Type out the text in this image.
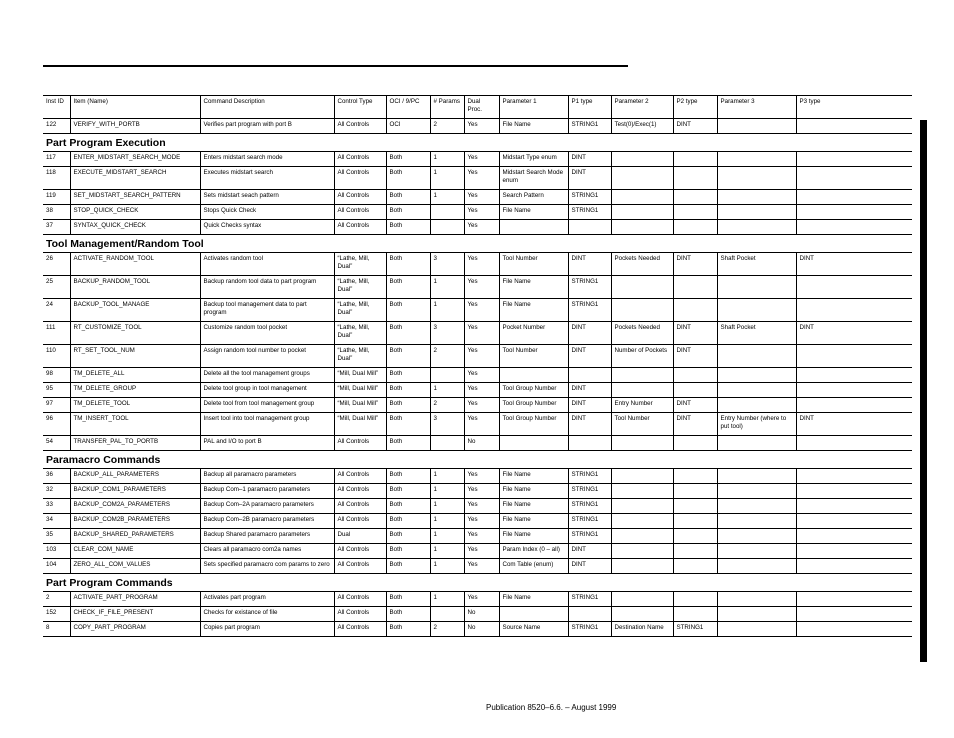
Inst ID	Item (Name)	Command Description	Control Type	OCI / 9/PC	# Params	Dual Proc.	Parameter 1	P1 type	Parameter 2	P2 type	Parameter 3	P3 type
122	VERIFY_WITH_PORTB	Verifies part program with port B	All Controls	OCI	2	Yes	File Name	STRING1	Test(0)/Exec(1)	DINT		
Part Program Execution												
117	ENTER_MIDSTART_SEARCH_MODE	Enters midstart search mode	All Controls	Both	1	Yes	Midstart Type enum	DINT				
118	EXECUTE_MIDSTART_SEARCH	Executes midstart search	All Controls	Both	1	Yes	Midstart Search Mode enum	DINT				
119	SET_MIDSTART_SEARCH_PATTERN	Sets midstart seach pattern	All Controls	Both	1	Yes	Search Pattern	STRING1				
38	STOP_QUICK_CHECK	Stops Quick Check	All Controls	Both		Yes	File Name	STRING1				
37	SYNTAX_QUICK_CHECK	Quick Checks syntax	All Controls	Both		Yes						
Tool Management/Random Tool												
26	ACTIVATE_RANDOM_TOOL	Activates random tool	“Lathe, Mill, Dual”	Both	3	Yes	Tool Number	DINT	Pockets Needed	DINT	Shaft Pocket	DINT
25	BACKUP_RANDOM_TOOL	Backup random tool data to part program	“Lathe, Mill, Dual”	Both	1	Yes	File Name	STRING1				
24	BACKUP_TOOL_MANAGE	Backup tool management data to part program	“Lathe, Mill, Dual”	Both	1	Yes	File Name	STRING1				
111	RT_CUSTOMIZE_TOOL	Customize random tool pocket	“Lathe, Mill, Dual”	Both	3	Yes	Pocket Number	DINT	Pockets Needed	DINT	Shaft Pocket	DINT
110	RT_SET_TOOL_NUM	Assign random tool number to pocket	“Lathe, Mill, Dual”	Both	2	Yes	Tool Number	DINT	Number of Pockets	DINT		
98	TM_DELETE_ALL	Delete all the tool management groups	“Mill, Dual Mill”	Both		Yes						
95	TM_DELETE_GROUP	Delete tool group in tool management	“Mill, Dual Mill”	Both	1	Yes	Tool Group Number	DINT				
97	TM_DELETE_TOOL	Delete tool from tool management group	“Mill, Dual Mill”	Both	2	Yes	Tool Group Number	DINT	Entry Number	DINT		
96	TM_INSERT_TOOL	Insert tool into tool management group	“Mill, Dual Mill”	Both	3	Yes	Tool Group Number	DINT	Tool Number	DINT	Entry Number (where to put tool)	DINT
54	TRANSFER_PAL_TO_PORTB	PAL and I/O to port B	All Controls	Both		No						
Paramacro Commands												
36	BACKUP_ALL_PARAMETERS	Backup all paramacro parameters	All Controls	Both	1	Yes	File Name	STRING1				
32	BACKUP_COM1_PARAMETERS	Backup Com–1 paramacro parameters	All Controls	Both	1	Yes	File Name	STRING1				
33	BACKUP_COM2A_PARAMETERS	Backup Com–2A paramacro parameters	All Controls	Both	1	Yes	File Name	STRING1				
34	BACKUP_COM2B_PARAMETERS	Backup Com–2B paramacro parameters	All Controls	Both	1	Yes	File Name	STRING1				
35	BACKUP_SHARED_PARAMETERS	Backup Shared paramacro parameters	Dual	Both	1	Yes	File Name	STRING1				
103	CLEAR_COM_NAME	Clears all paramacro com2a names	All Controls	Both	1	Yes	Param Index (0 – all)	DINT				
104	ZERO_ALL_COM_VALUES	Sets specified paramacro com params to zero	All Controls	Both	1	Yes	Com Table (enum)	DINT				
Part Program Commands												
2	ACTIVATE_PART_PROGRAM	Activates part program	All Controls	Both	1	Yes	File Name	STRING1				
152	CHECK_IF_FILE_PRESENT	Checks for existance of file	All Controls	Both		No						
8	COPY_PART_PROGRAM	Copies part program	All Controls	Both	2	No	Source Name	STRING1	Destination Name	STRING1		
Publication 8520–6.6. – August 1999
